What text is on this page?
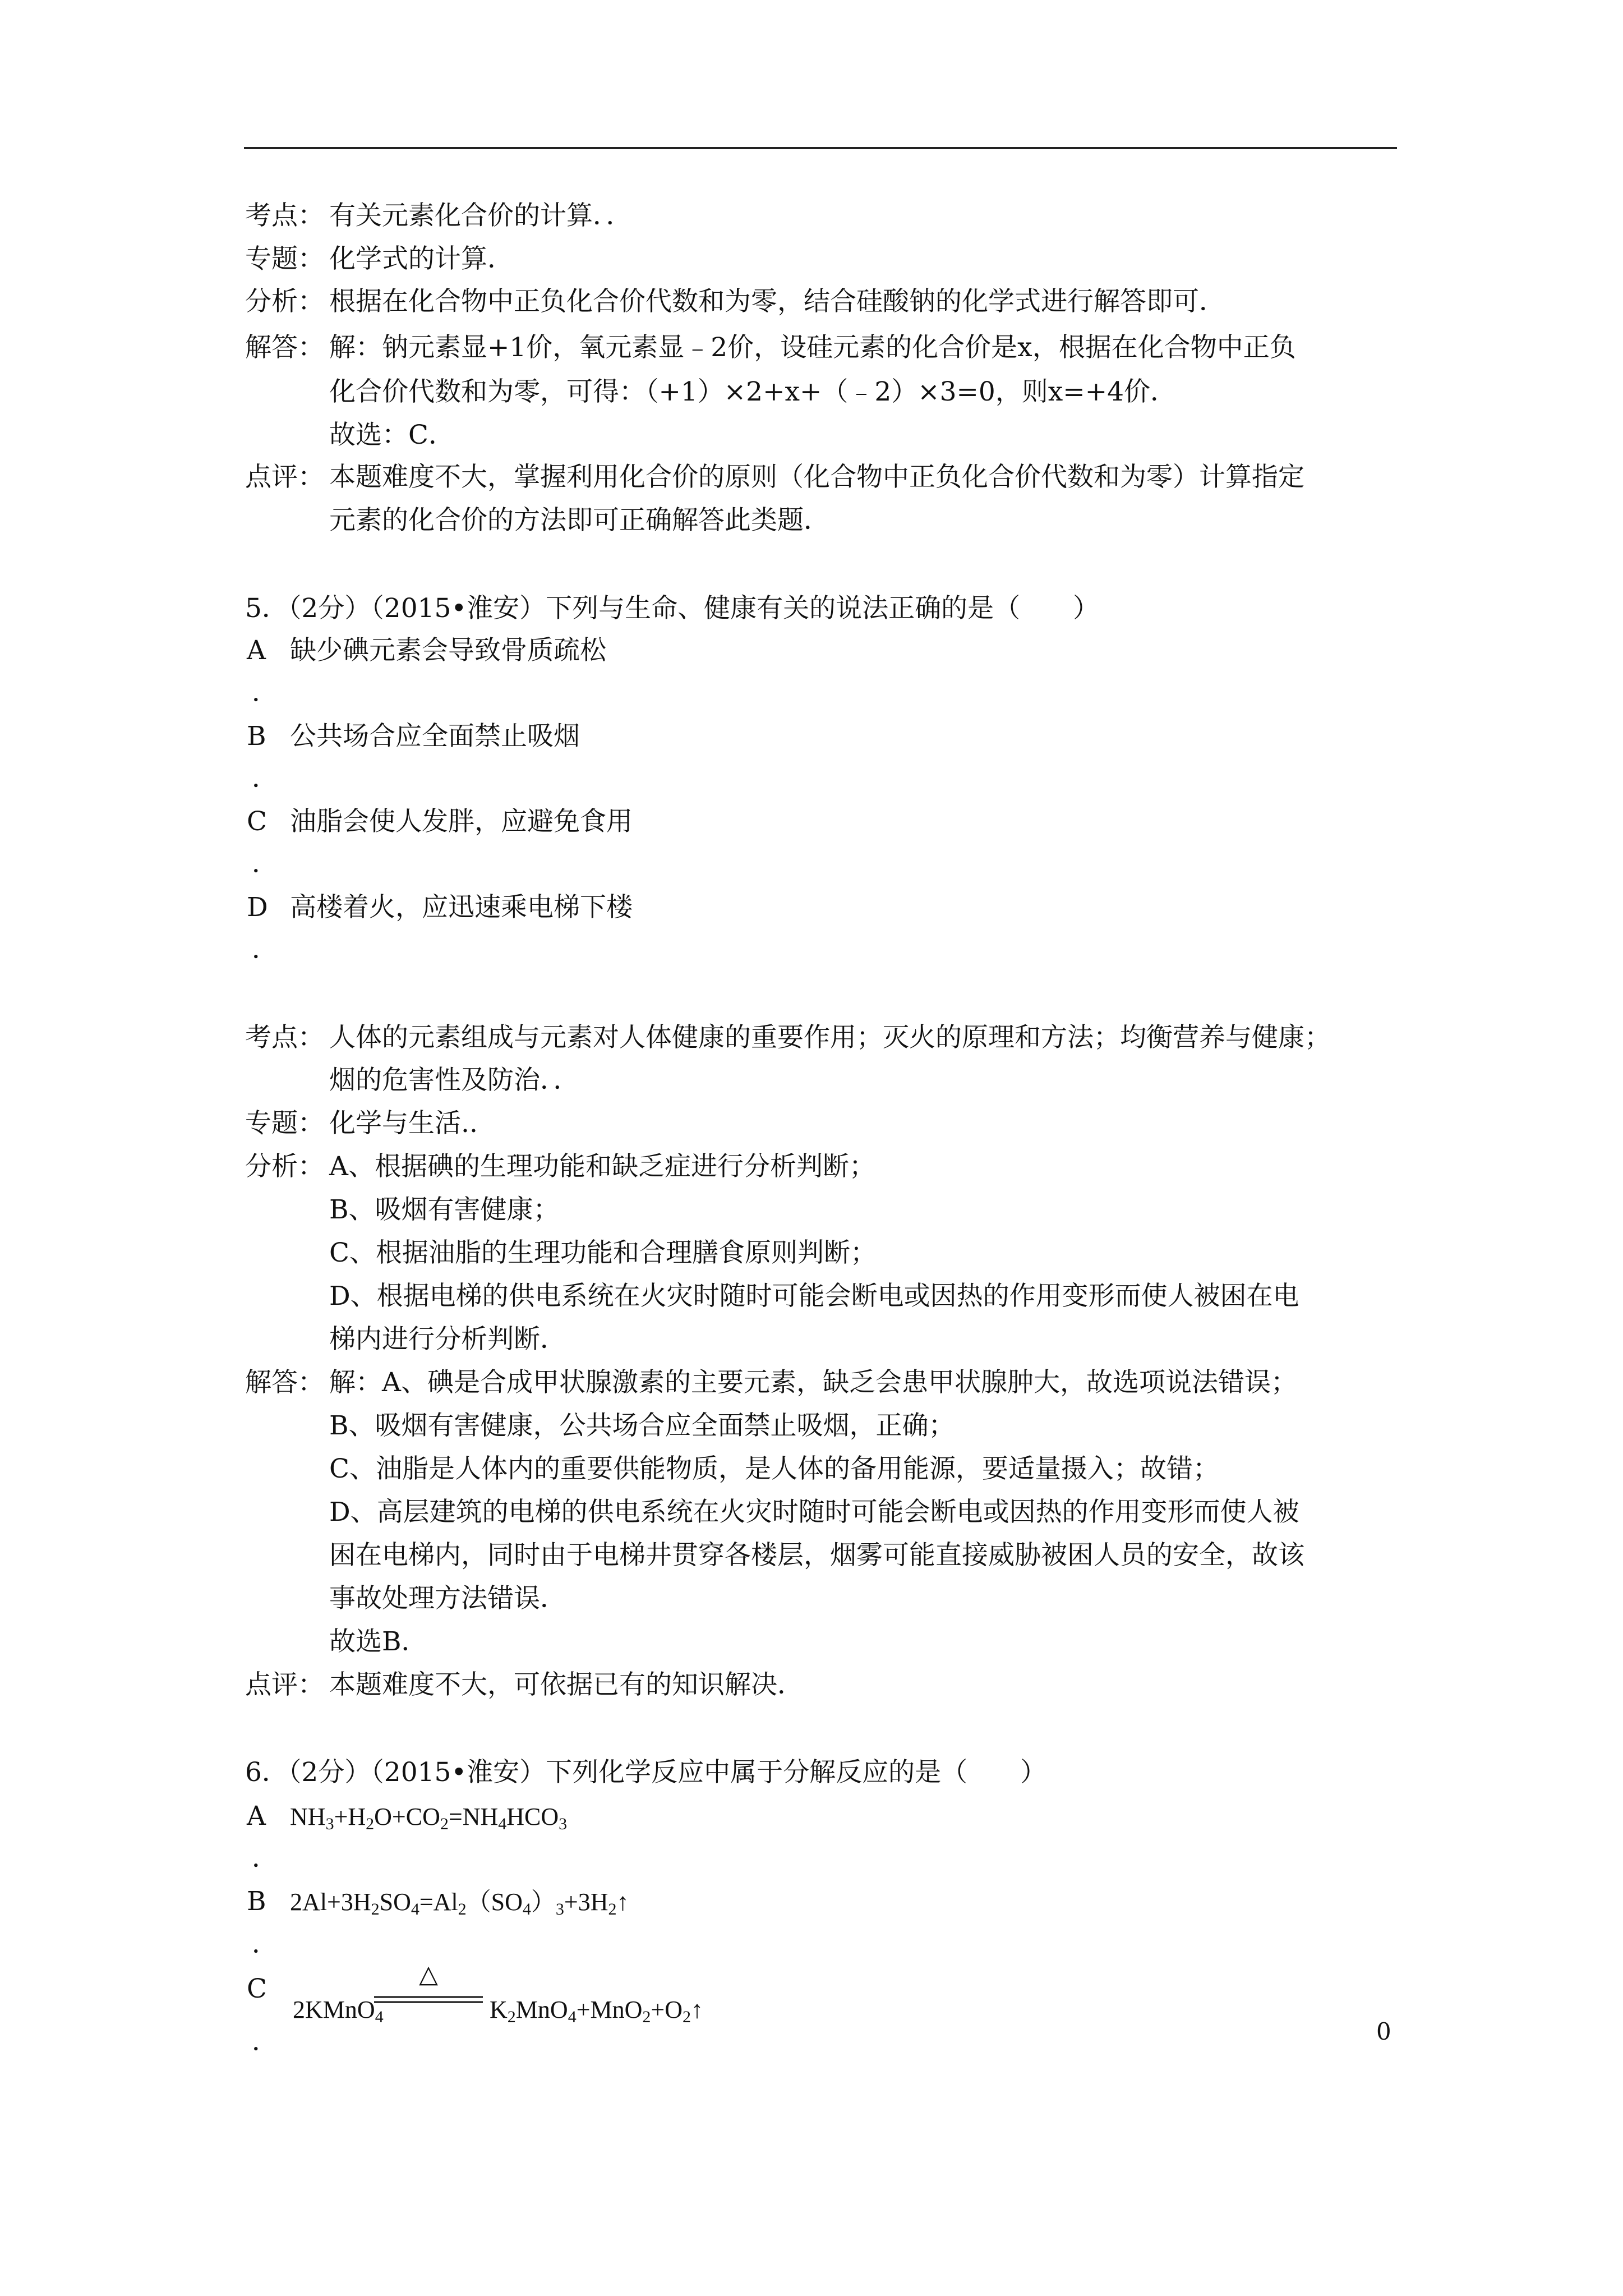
考点： 有关元素化合价的计算．．
专题： 化学式的计算．
分析： 根据在化合物中正负化合价代数和为零，结合硅酸钠的化学式进行解答即可．
解答： 解：钠元素显+1价，氧元素显﹣2价，设硅元素的化合价是x，根据在化合物中正负
化合价代数和为零，可得：（+1）×2+x+（﹣2）×3=0，则x=+4价．
故选：C．
点评： 本题难度不大，掌握利用化合价的原则（化合物中正负化合价代数和为零）计算指定
元素的化合价的方法即可正确解答此类题．
5．（2分）（2015•淮安）下列与生命、健康有关的说法正确的是（　　）
A 缺少碘元素会导致骨质疏松
．
B 公共场合应全面禁止吸烟
．
C 油脂会使人发胖，应避免食用
．
D 高楼着火，应迅速乘电梯下楼
．
考点： 人体的元素组成与元素对人体健康的重要作用；灭火的原理和方法；均衡营养与健康；
烟的危害性及防治．．
专题： 化学与生活..
分析： A、根据碘的生理功能和缺乏症进行分析判断；
B、吸烟有害健康；
C、根据油脂的生理功能和合理膳食原则判断；
D、根据电梯的供电系统在火灾时随时可能会断电或因热的作用变形而使人被困在电
梯内进行分析判断．
解答： 解：A、碘是合成甲状腺激素的主要元素，缺乏会患甲状腺肿大，故选项说法错误；
B、吸烟有害健康，公共场合应全面禁止吸烟，正确；
C、油脂是人体内的重要供能物质，是人体的备用能源，要适量摄入；故错；
D、高层建筑的电梯的供电系统在火灾时随时可能会断电或因热的作用变形而使人被
困在电梯内，同时由于电梯井贯穿各楼层，烟雾可能直接威胁被困人员的安全，故该
事故处理方法错误．
故选B．
点评： 本题难度不大，可依据已有的知识解决．
6．（2分）（2015•淮安）下列化学反应中属于分解反应的是（　　）
A $NH_3+H_2O+CO_2=NH_4HCO_3$
．
B $2Al+3H_2SO_4=Al_2(SO_4)_3+3H_2↑$
．
C	△
2KMnO$_4$	$K_2MnO_4+MnO_2+O_2↑$
．	0
